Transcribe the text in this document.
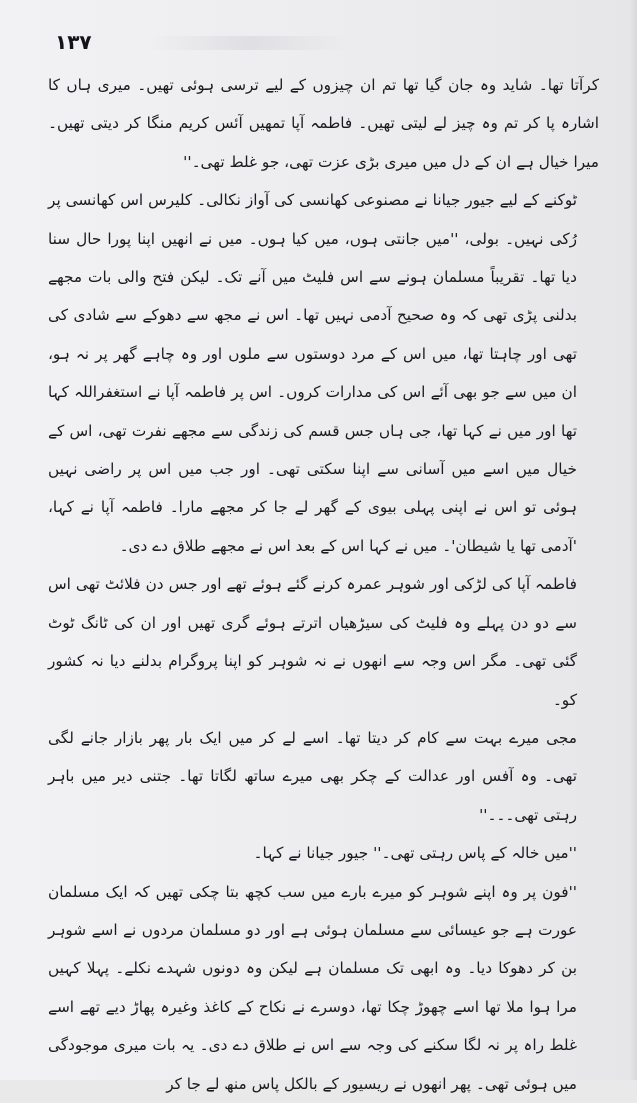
۱۳۷

کرآتا تھا۔ شاید وہ جان گیا تھا تم ان چیزوں کے لیے ترسی ہوئی تھیں۔ میری ہاں کا اشارہ پا کر تم وہ چیز لے لیتی تھیں۔ فاطمہ آپا تمھیں آئس کریم منگا کر دیتی تھیں۔ میرا خیال ہے ان کے دل میں میری بڑی عزت تھی، جو غلط تھی۔''

ٹوکنے کے لیے جیور جیانا نے مصنوعی کھانسی کی آواز نکالی۔ کلیرس اس کھانسی پر رُکی نہیں۔ بولی، ''میں جانتی ہوں، میں کیا ہوں۔ میں نے انھیں اپنا پورا حال سنا دیا تھا۔ تقریباً مسلمان ہونے سے اس فلیٹ میں آنے تک۔ لیکن فتح والی بات مجھے بدلنی پڑی تھی کہ وہ صحیح آدمی نہیں تھا۔ اس نے مجھ سے دھوکے سے شادی کی تھی اور چاہتا تھا، میں اس کے مرد دوستوں سے ملوں اور وہ چاہے گھر پر نہ ہو، ان میں سے جو بھی آئے اس کی مدارات کروں۔ اس پر فاطمہ آپا نے استغفراللہ کہا تھا اور میں نے کہا تھا، جی ہاں جس قسم کی زندگی سے مجھے نفرت تھی، اس کے خیال میں اسے میں آسانی سے اپنا سکتی تھی۔ اور جب میں اس پر راضی نہیں ہوئی تو اس نے اپنی پہلی بیوی کے گھر لے جا کر مجھے مارا۔ فاطمہ آپا نے کہا، 'آدمی تھا یا شیطان'۔ میں نے کہا اس کے بعد اس نے مجھے طلاق دے دی۔

فاطمہ آپا کی لڑکی اور شوہر عمرہ کرنے گئے ہوئے تھے اور جس دن فلائٹ تھی اس سے دو دن پہلے وہ فلیٹ کی سیڑھیاں اترتے ہوئے گری تھیں اور ان کی ٹانگ ٹوٹ گئی تھی۔ مگر اس وجہ سے انھوں نے نہ شوہر کو اپنا پروگرام بدلنے دیا نہ کشور کو۔

مجی میرے بہت سے کام کر دیتا تھا۔ اسے لے کر میں ایک بار پھر بازار جانے لگی تھی۔ وہ آفس اور عدالت کے چکر بھی میرے ساتھ لگاتا تھا۔ جتنی دیر میں باہر رہتی تھی۔۔۔''

''میں خالہ کے پاس رہتی تھی۔'' جیور جیانا نے کہا۔

''فون پر وہ اپنے شوہر کو میرے بارے میں سب کچھ بتا چکی تھیں کہ ایک مسلمان عورت ہے جو عیسائی سے مسلمان ہوئی ہے اور دو مسلمان مردوں نے اسے شوہر بن کر دھوکا دیا۔ وہ ابھی تک مسلمان ہے لیکن وہ دونوں شہدے نکلے۔ پہلا کہیں مرا ہوا ملا تھا اسے چھوڑ چکا تھا، دوسرے نے نکاح کے کاغذ وغیرہ پھاڑ دیے تھے اسے غلط راہ پر نہ لگا سکنے کی وجہ سے اس نے طلاق دے دی۔ یہ بات میری موجودگی میں ہوئی تھی۔ پھر انھوں نے ریسیور کے بالکل پاس منھ لے جا کر
